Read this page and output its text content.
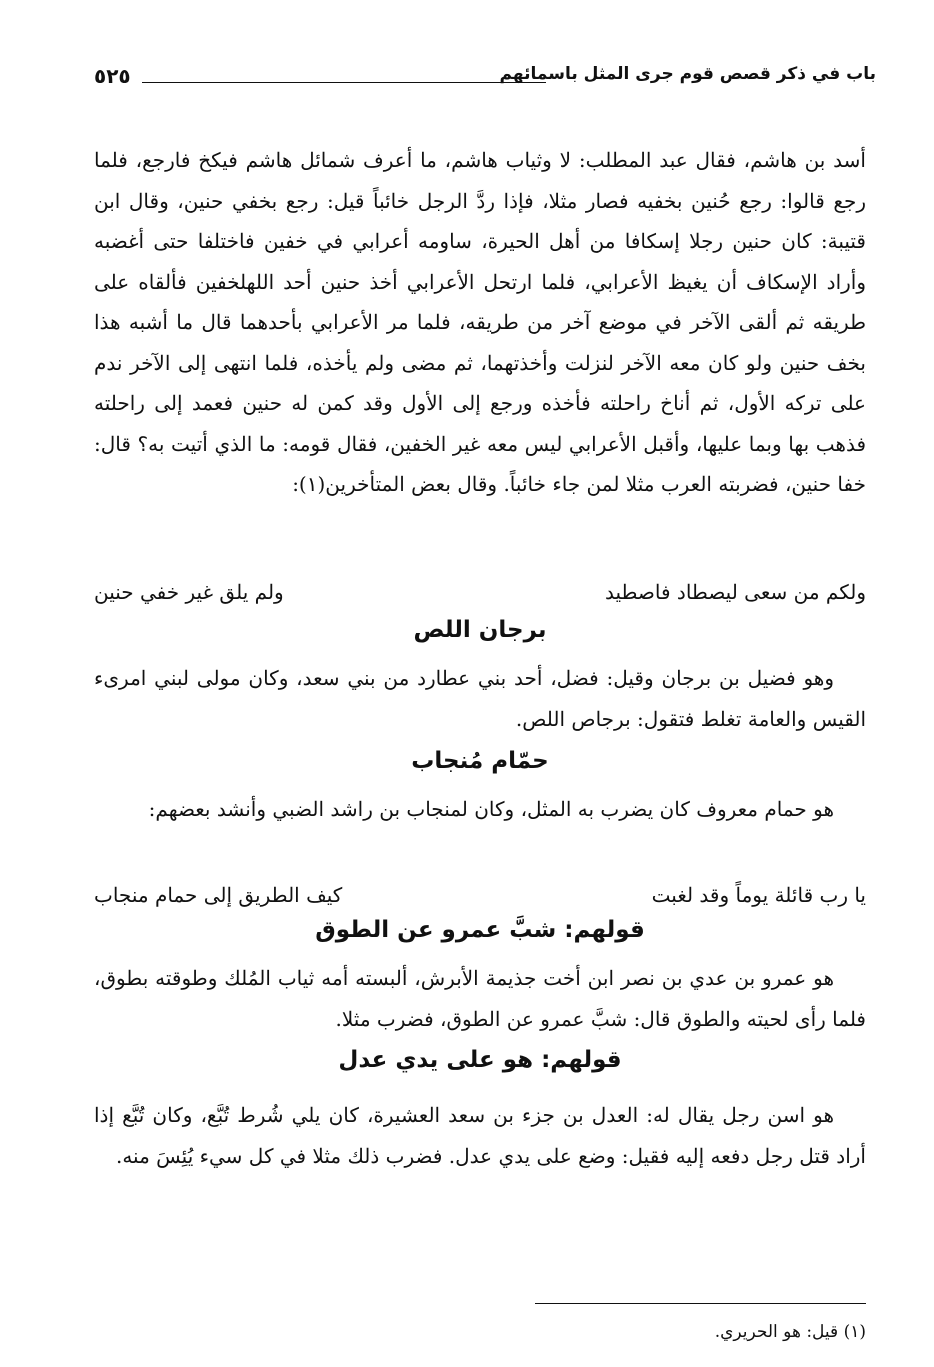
٥٢٥	باب في ذكر قصص قوم جرى المثل باسمائهم
أسد بن هاشم، فقال عبد المطلب: لا وثياب هاشم، ما أعرف شمائل هاشم فيكخ فارجع، فلما رجع قالوا: رجع حُنين بخفيه فصار مثلا، فإذا ردَّ الرجل خائباً قيل: رجع بخفي حنين، وقال ابن قتيبة: كان حنين رجلا إسكافا من أهل الحيرة، ساومه أعرابي في خفين فاختلفا حتى أغضبه وأراد الإسكاف أن يغيظ الأعرابي، فلما ارتحل الأعرابي أخذ حنين أحد اللهلخفين فألقاه على طريقه ثم ألقى الآخر في موضع آخر من طريقه، فلما مر الأعرابي بأحدهما قال ما أشبه هذا بخف حنين ولو كان معه الآخر لنزلت وأخذتهما، ثم مضى ولم يأخذه، فلما انتهى إلى الآخر ندم على تركه الأول، ثم أناخ راحلته فأخذه ورجع إلى الأول وقد كمن له حنين فعمد إلى راحلته فذهب بها وبما عليها، وأقبل الأعرابي ليس معه غير الخفين، فقال قومه: ما الذي أتيت به؟ قال: خفا حنين، فضربته العرب مثلا لمن جاء خائباً. وقال بعض المتأخرين(١):
ولكم من سعى ليصطاد فاصطيد
ولم يلق غير خفي حنين
برجان اللص
وهو فضيل بن برجان وقيل: فضل، أحد بني عطارد من بني سعد، وكان مولى لبني امرىء القيس والعامة تغلط فتقول: برجاص اللص.
حمّام مُنجاب
هو حمام معروف كان يضرب به المثل، وكان لمنجاب بن راشد الضبي وأنشد بعضهم:
يا رب قائلة يوماً وقد لغبت
كيف الطريق إلى حمام منجاب
قولهم: شبَّ عمرو عن الطوق
هو عمرو بن عدي بن نصر ابن أخت جذيمة الأبرش، ألبسته أمه ثياب المُلك وطوقته بطوق، فلما رأى لحيته والطوق قال: شبَّ عمرو عن الطوق، فضرب مثلا.
قولهم: هو على يدي عدل
هو اسن رجل يقال له: العدل بن جزء بن سعد العشيرة، كان يلي شُرط تُبَّع، وكان تُبَّع إذا أراد قتل رجل دفعه إليه فقيل: وضع على يدي عدل. فضرب ذلك مثلا في كل سيء يُئِسَ منه.
(١) قيل: هو الحريري.
